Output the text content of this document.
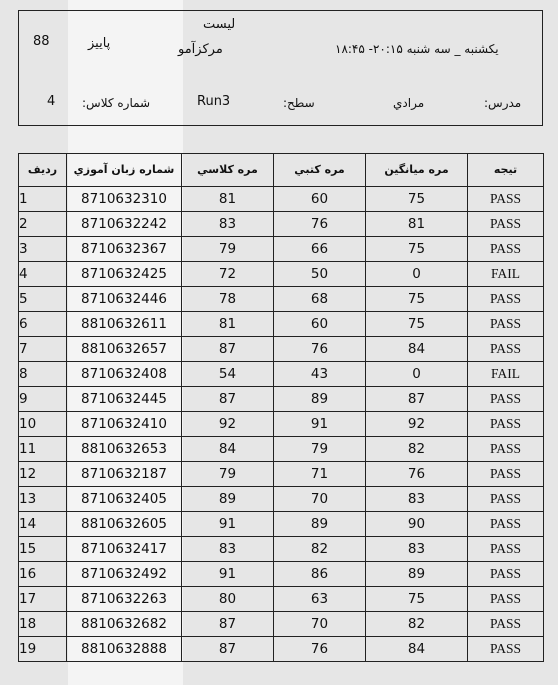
88	پاييز
ليست
مركزآمو	يكشنبه _ سه شنبه ۲۰:۱۵- ۱۸:۴۵
4 شماره كلاس:	Run3	سطح:	مرادي	مدرس:
رديف	شماره زبان آموزي	مره كلاسي	مره كتبي	مره ميانگين	تيجه
1	8710632310	81	60	75	PASS
2	8710632242	83	76	81	PASS
3	8710632367	79	66	75	PASS
4	8710632425	72	50	0	FAIL
5	8710632446	78	68	75	PASS
6	8810632611	81	60	75	PASS
7	8810632657	87	76	84	PASS
8	8710632408	54	43	0	FAIL
9	8710632445	87	89	87	PASS
10	8710632410	92	91	92	PASS
11	8810632653	84	79	82	PASS
12	8710632187	79	71	76	PASS
13	8710632405	89	70	83	PASS
14	8810632605	91	89	90	PASS
15	8710632417	83	82	83	PASS
16	8710632492	91	86	89	PASS
17	8710632263	80	63	75	PASS
18	8810632682	87	70	82	PASS
19	8810632888	87	76	84	PASS
